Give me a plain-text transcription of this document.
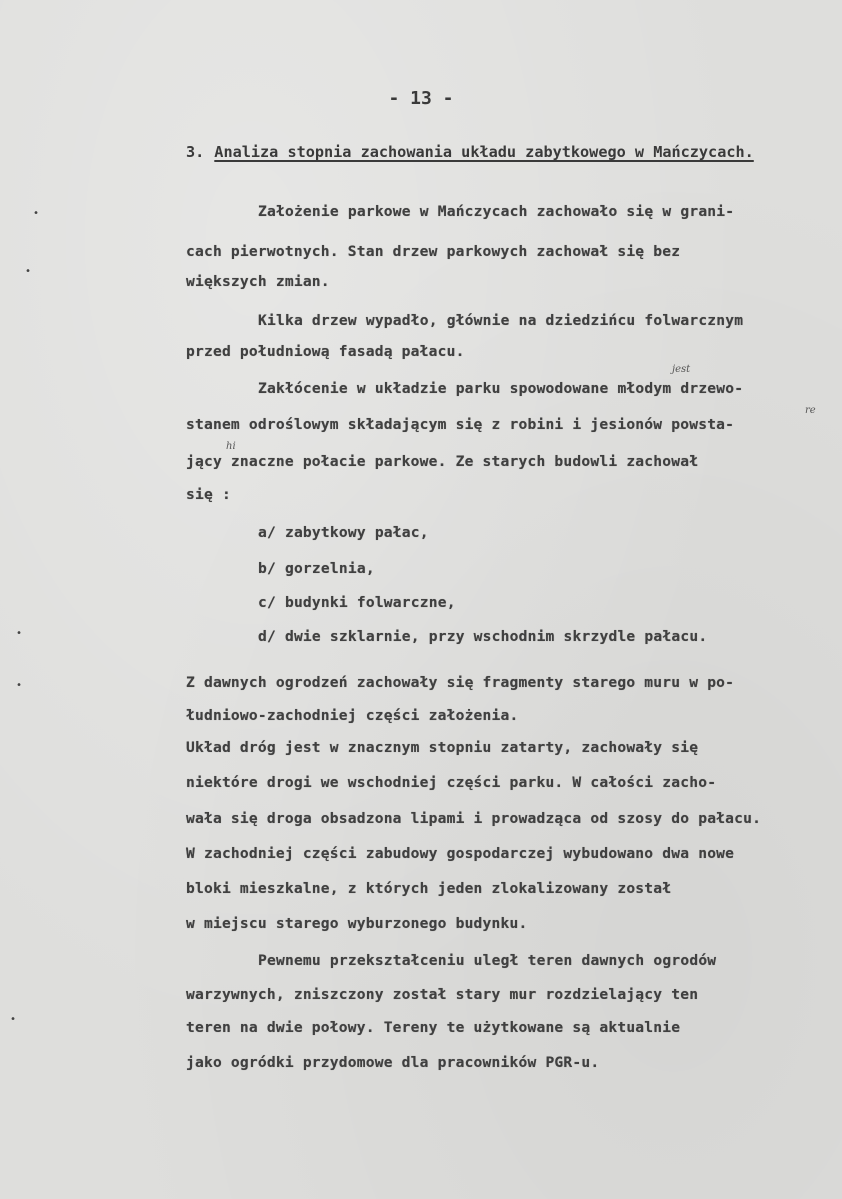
- 13 -
3. Analiza stopnia zachowania układu zabytkowego w Mańczycach.
Założenie parkowe w Mańczycach zachowało się w grani-
cach pierwotnych. Stan drzew parkowych zachował się bez
większych zmian.
Kilka drzew wypadło, głównie na dziedzińcu folwarcznym
przed południową fasadą pałacu.
Zakłócenie w układzie parku spowodowane młodym drzewo-
stanem odroślowym składającym się z robini i jesionów powsta-
jący znaczne połacie parkowe. Ze starych budowli zachował
się :
a/ zabytkowy pałac,
b/ gorzelnia,
c/ budynki folwarczne,
d/ dwie szklarnie, przy wschodnim skrzydle pałacu.
Z dawnych ogrodzeń zachowały się fragmenty starego muru w po-
łudniowo-zachodniej części założenia.
Układ dróg jest w znacznym stopniu zatarty, zachowały się
niektóre drogi we wschodniej części parku. W całości zacho-
wała się droga obsadzona lipami i prowadząca od szosy do pałacu.
W zachodniej części zabudowy gospodarczej wybudowano dwa nowe
bloki mieszkalne, z których jeden zlokalizowany został
w miejscu starego wyburzonego budynku.
Pewnemu przekształceniu uległ teren dawnych ogrodów
warzywnych, zniszczony został stary mur rozdzielający ten
teren na dwie połowy. Tereny te użytkowane są aktualnie
jako ogródki przydomowe dla pracowników PGR-u.
jest
re
hi
•
•
•
•
•
